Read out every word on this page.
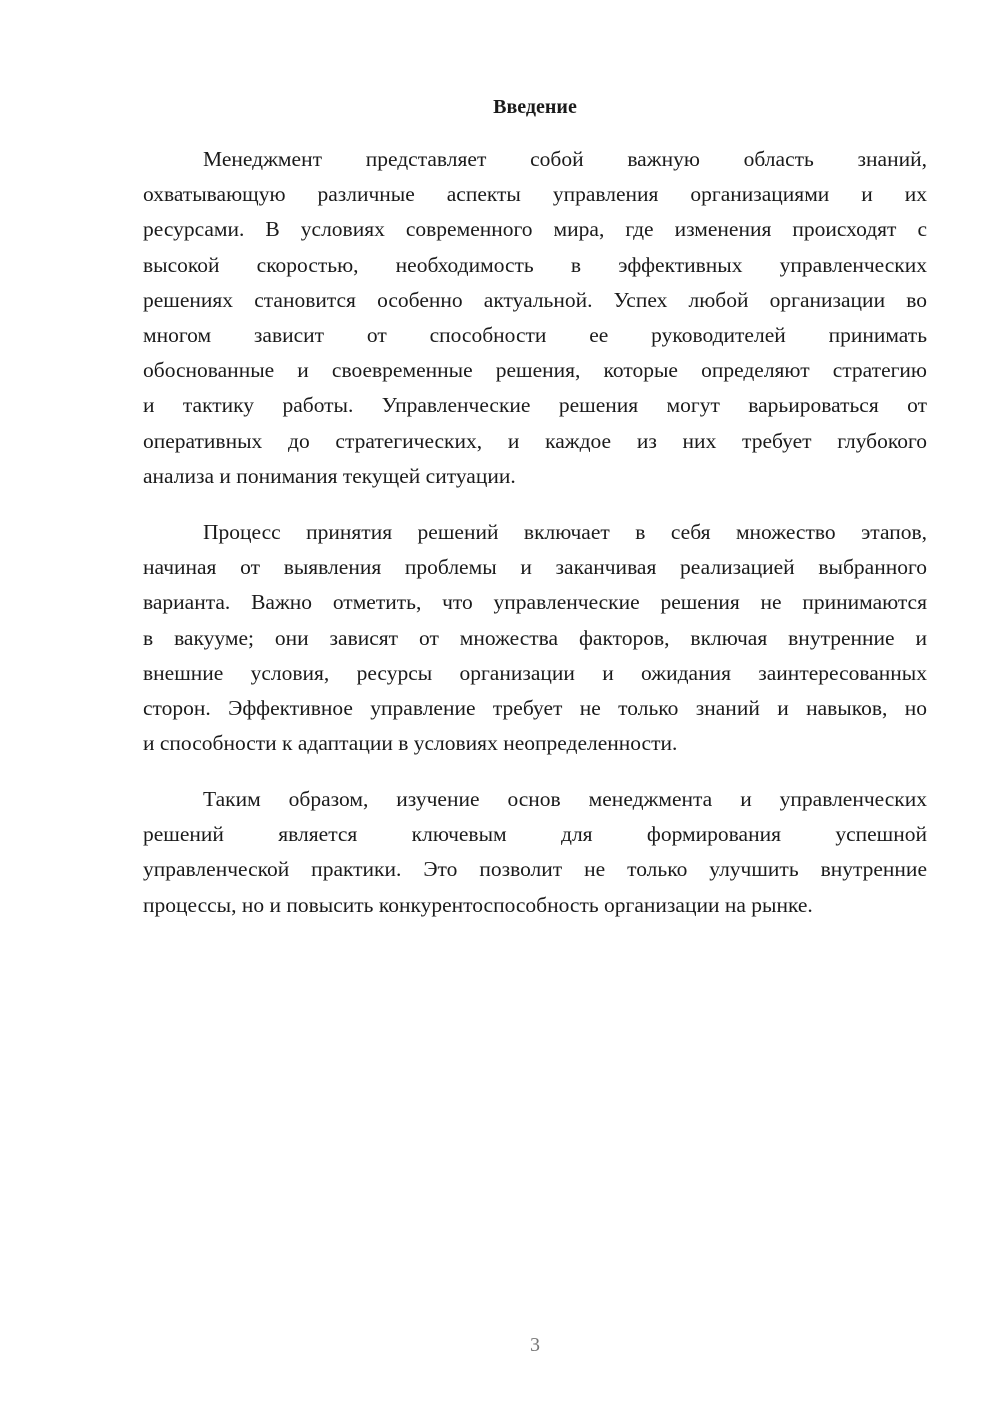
Введение
Менеджмент представляет собой важную область знаний,
охватывающую различные аспекты управления организациями и их
ресурсами. В условиях современного мира, где изменения происходят с
высокой скоростью, необходимость в эффективных управленческих
решениях становится особенно актуальной. Успех любой организации во
многом зависит от способности ее руководителей принимать
обоснованные и своевременные решения, которые определяют стратегию
и тактику работы. Управленческие решения могут варьироваться от
оперативных до стратегических, и каждое из них требует глубокого
анализа и понимания текущей ситуации.
Процесс принятия решений включает в себя множество этапов,
начиная от выявления проблемы и заканчивая реализацией выбранного
варианта. Важно отметить, что управленческие решения не принимаются
в вакууме; они зависят от множества факторов, включая внутренние и
внешние условия, ресурсы организации и ожидания заинтересованных
сторон. Эффективное управление требует не только знаний и навыков, но
и способности к адаптации в условиях неопределенности.
Таким образом, изучение основ менеджмента и управленческих
решений является ключевым для формирования успешной
управленческой практики. Это позволит не только улучшить внутренние
процессы, но и повысить конкурентоспособность организации на рынке.
3
